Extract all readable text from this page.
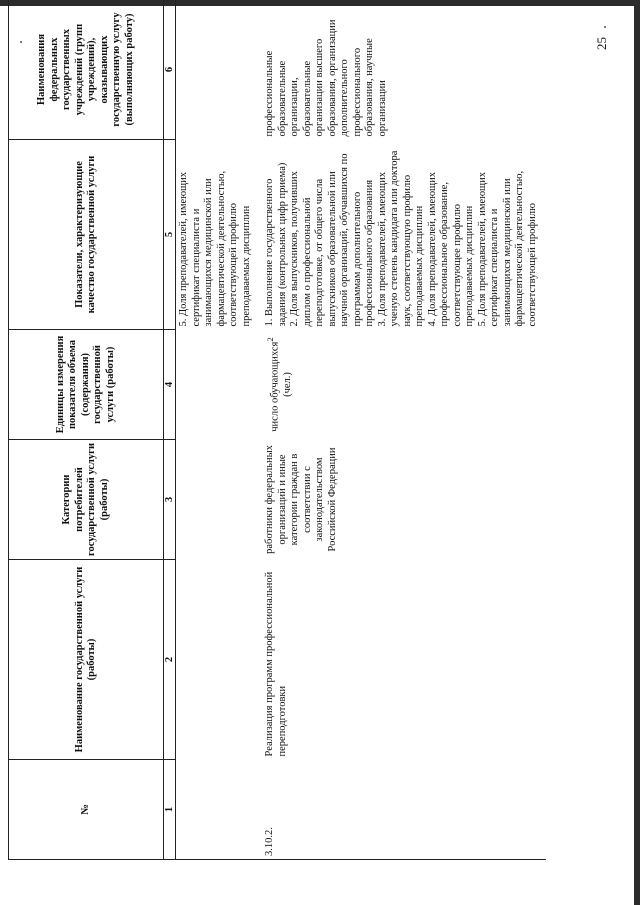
25
№	Наименование государственной услуги (работы)	Категории потребителей государственной услуги (работы)	Единицы измерения показателя объема (содержания) государственной услуги (работы)	Показатели, характеризующие качество государственной услуги	Наименования федеральных государственных учреждений (групп учреждений), оказывающих государственную услугу (выполняющих работу)
1	2	3	4	5	6
				5. Доля преподавателей, имеющих сертификат специалиста и занимающихся медицинской или фармацевтической деятельностью, соответствующей профилю преподаваемых дисциплин	
3.10.2.	Реализация программ профессиональной переподготовки	работники федеральных организаций и иные категории граждан в соответствии с законодательством Российской Федерации	число обучающихся$^2$ (чел.)	1. Выполнение государственного задания (контрольных цифр приема) 2. Доля выпускников, получивших диплом о профессиональной переподготовке, от общего числа выпускников образовательной или научной организаций, обучавшихся по программам дополнительного профессионального образования 3. Доля преподавателей, имеющих ученую степень кандидата или доктора наук, соответствующую профилю преподаваемых дисциплин 4. Доля преподавателей, имеющих профессиональное образование, соответствующее профилю преподаваемых дисциплин 5. Доля преподавателей, имеющих сертификат специалиста и занимающихся медицинской или фармацевтической деятельностью, соответствующей профилю	профессиональные образовательные организации, образовательные организации высшего образования, организации дополнительного профессионального образования, научные организации
